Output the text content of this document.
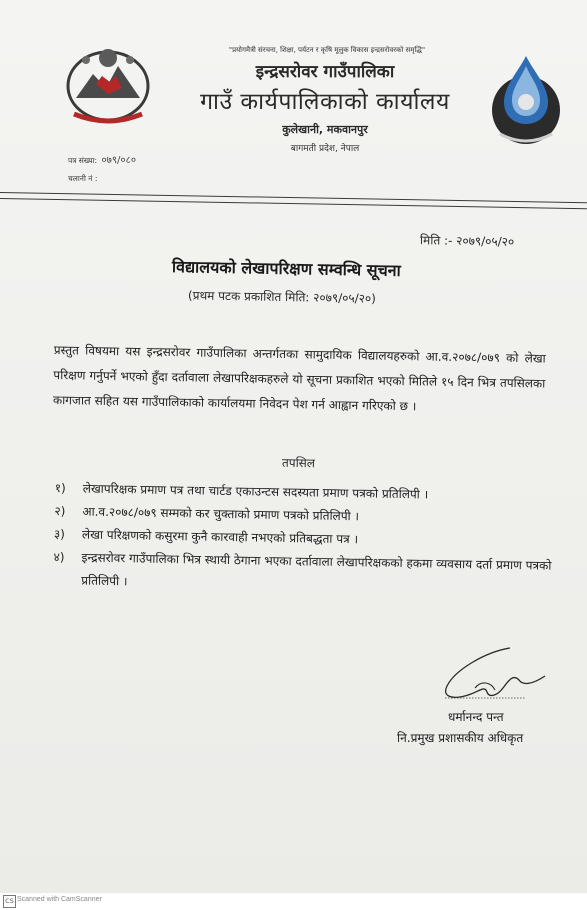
"प्रयोगमैत्री संरचना, शिक्षा, पर्यटन र कृषि मूलुक विकास इन्द्रसरोवरको समृद्धि"
इन्द्रसरोवर गाउँपालिका
गाउँ कार्यपालिकाको कार्यालय
कुलेखानी, मकवानपुर
बागमती प्रदेश, नेपाल
पत्र संख्या: ०७९/०८०
चलानी नं :
मिति :- २०७९/०५/२०
विद्यालयको लेखापरिक्षण सम्वन्धि सूचना
(प्रथम पटक प्रकाशित मिति: २०७९/०५/२०)
प्रस्तुत विषयमा यस इन्द्रसरोवर गाउँपालिका अन्तर्गतका सामुदायिक विद्यालयहरुको आ.व.२०७८/०७९ को लेखा परिक्षण गर्नुपर्ने भएको हुँदा दर्तावाला लेखापरिक्षकहरुले यो सूचना प्रकाशित भएको मितिले १५ दिन भित्र तपसिलका कागजात सहित यस गाउँपालिकाको कार्यालयमा निवेदन पेश गर्न आह्वान गरिएको छ ।
तपसिल
१)	लेखापरिक्षक प्रमाण पत्र तथा चार्टड एकाउन्टस सदस्यता प्रमाण पत्रको प्रतिलिपी ।
२)	आ.व.२०७८/०७९ सम्मको कर चुक्ताको प्रमाण पत्रको प्रतिलिपी ।
३)	लेखा परिक्षणको कसुरमा कुनै कारवाही नभएको प्रतिबद्धता पत्र ।
४)	इन्द्रसरोवर गाउँपालिका भित्र स्थायी ठेगाना भएका दर्तावाला लेखापरिक्षकको हकमा व्यवसाय दर्ता प्रमाण पत्रको प्रतिलिपी ।
धर्मानन्द पन्त
नि.प्रमुख प्रशासकीय अधिकृत
CS Scanned with CamScanner
